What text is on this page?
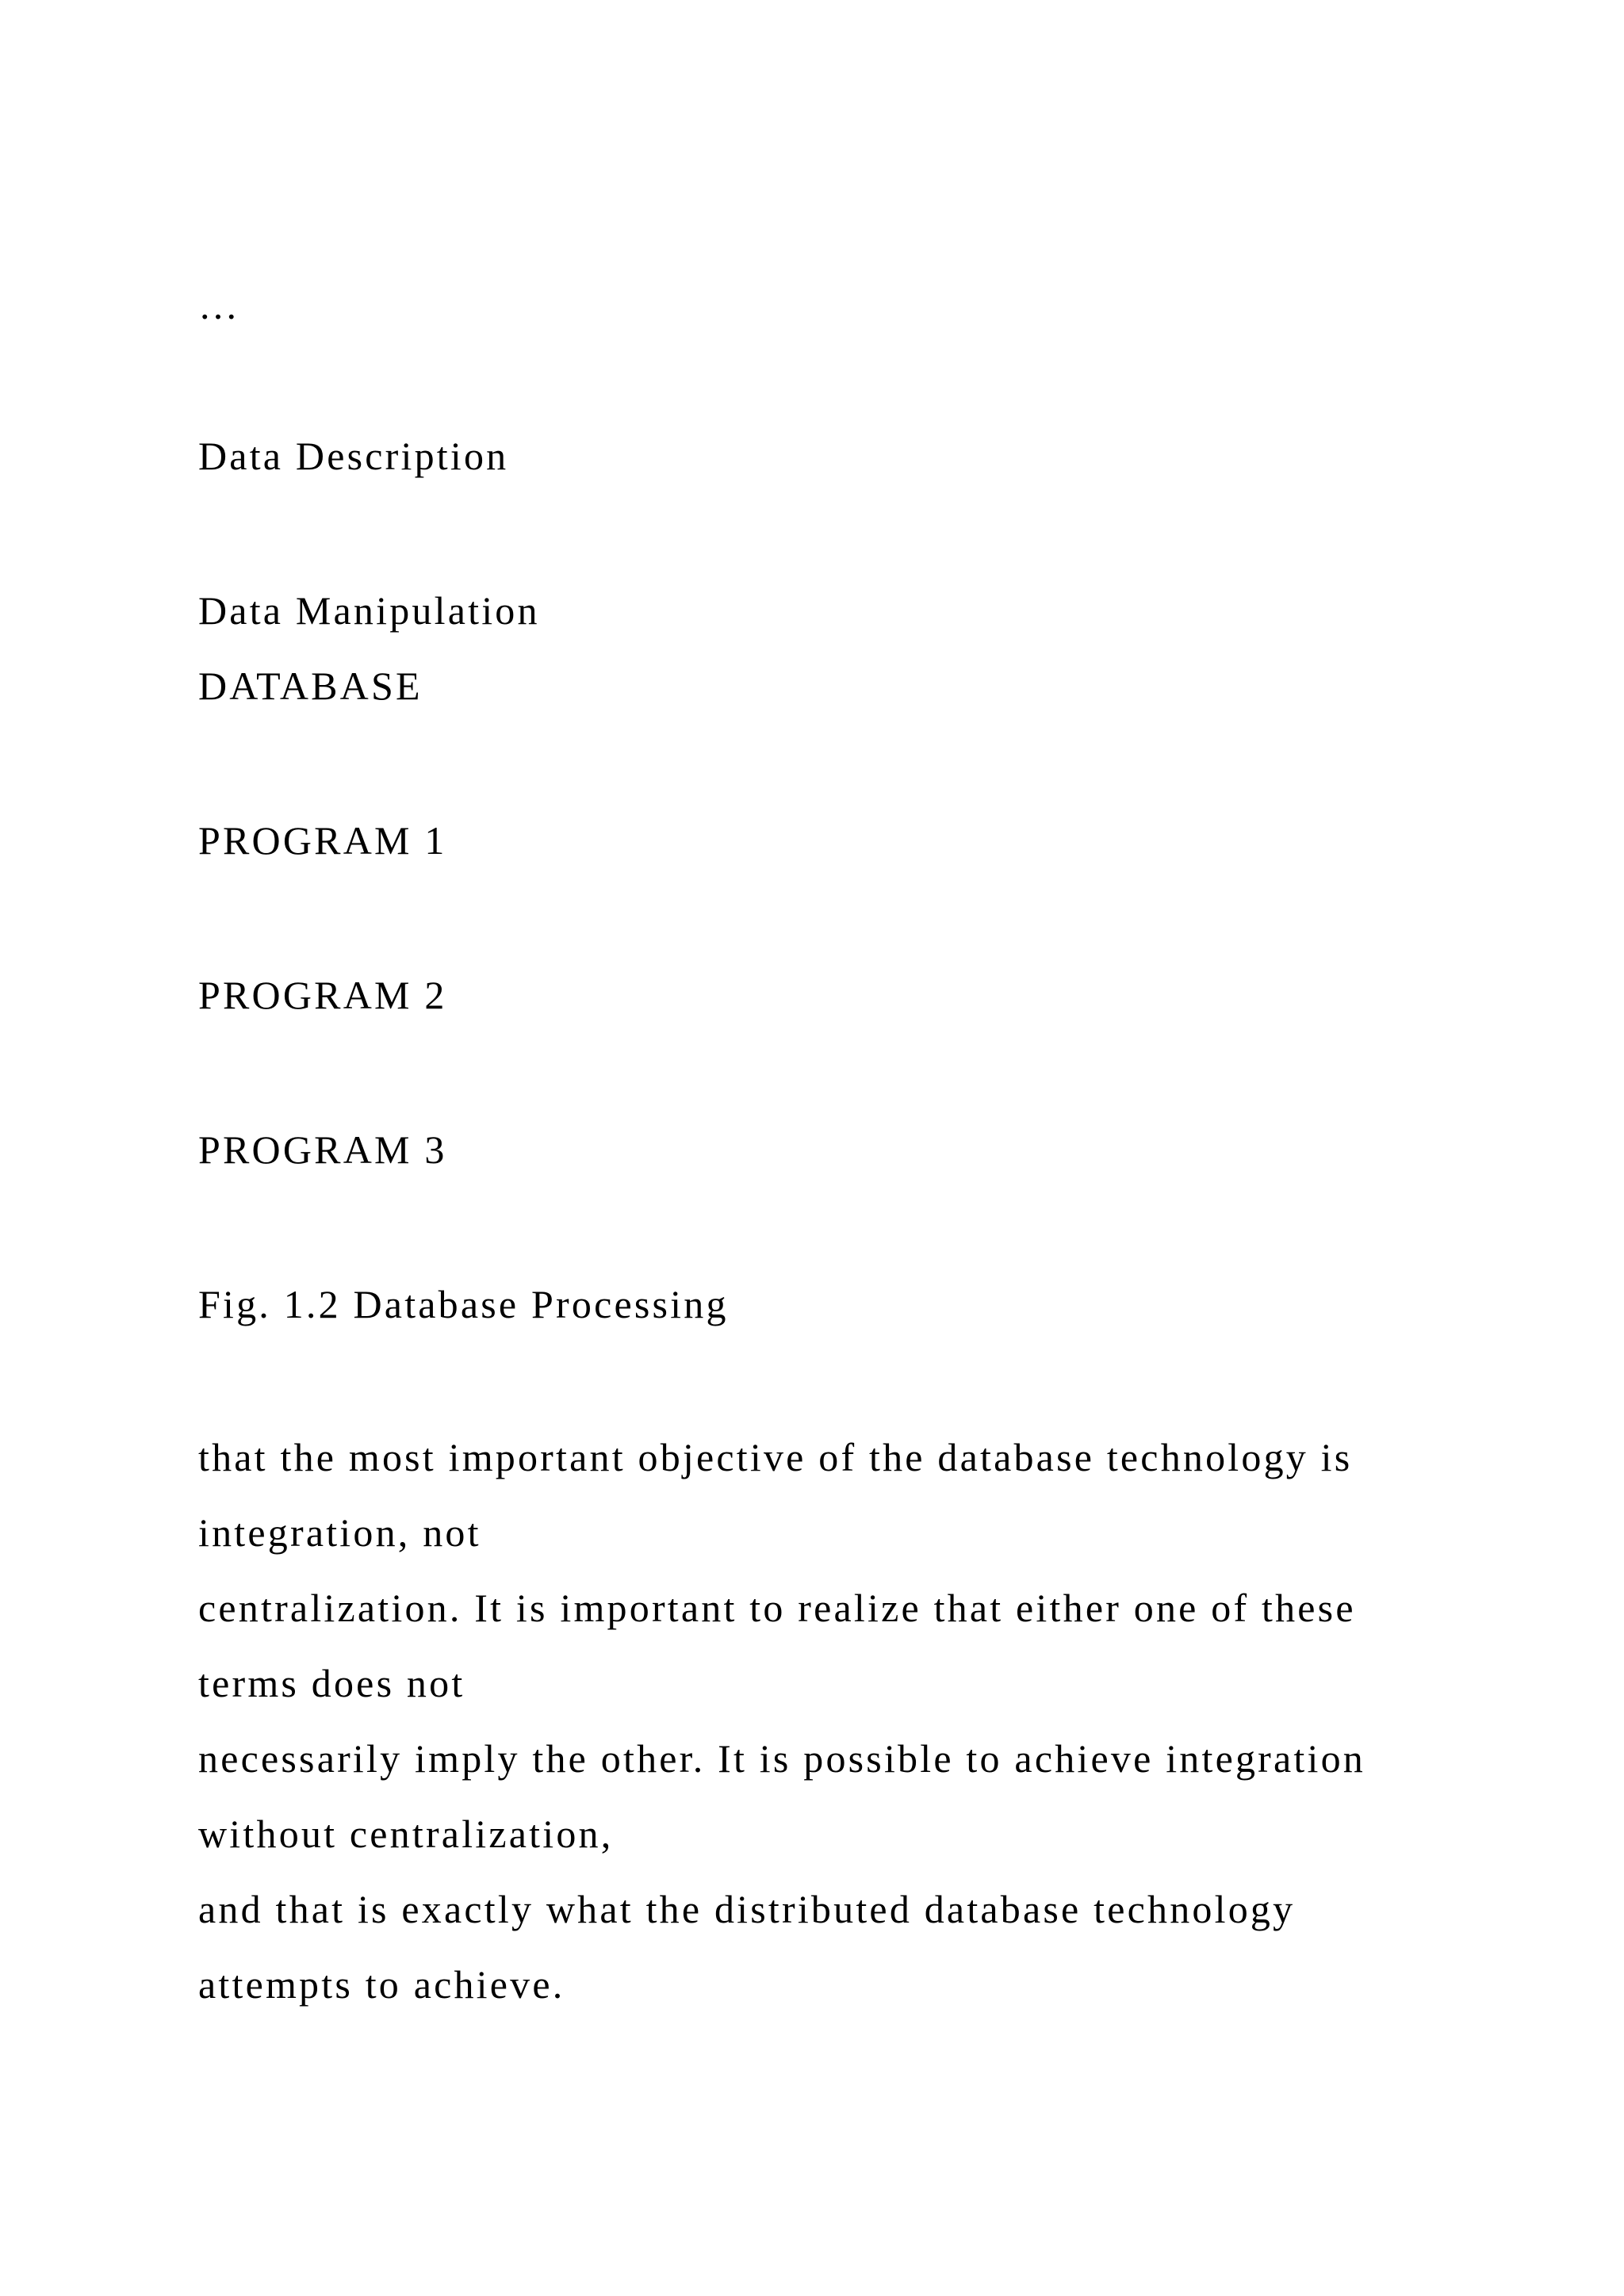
…

Data Description

Data Manipulation

DATABASE

PROGRAM 1

PROGRAM 2

PROGRAM 3

Fig. 1.2 Database Processing

that the most important objective of the database technology is

integration, not

centralization. It is important to realize that either one of these

terms does not

necessarily imply the other. It is possible to achieve integration

without centralization,

and that is exactly what the distributed database technology

attempts to achieve.
